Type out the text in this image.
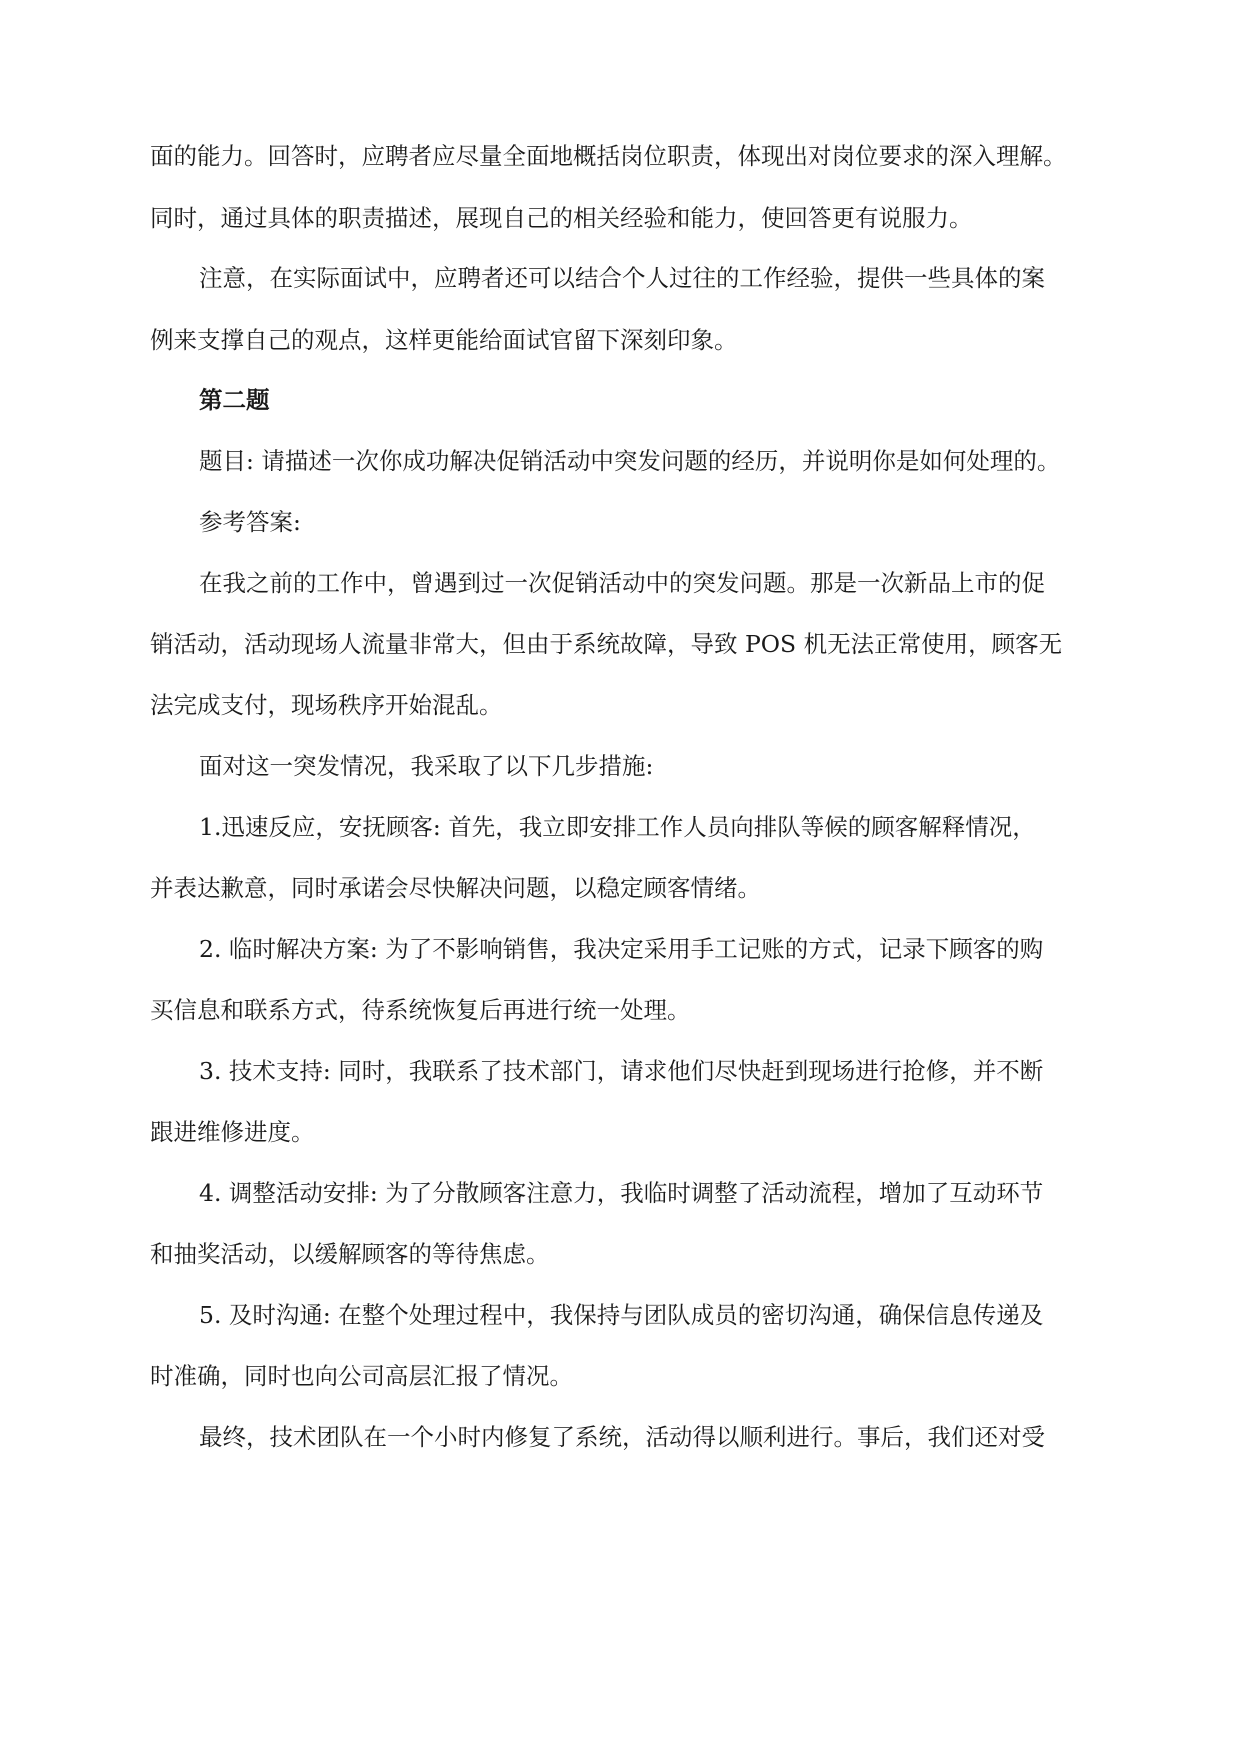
面的能力。回答时，应聘者应尽量全面地概括岗位职责，体现出对岗位要求的深入理解。
同时，通过具体的职责描述，展现自己的相关经验和能力，使回答更有说服力。
注意，在实际面试中，应聘者还可以结合个人过往的工作经验，提供一些具体的案
例来支撑自己的观点，这样更能给面试官留下深刻印象。
第二题
题目: 请描述一次你成功解决促销活动中突发问题的经历，并说明你是如何处理的。
参考答案:
在我之前的工作中，曾遇到过一次促销活动中的突发问题。那是一次新品上市的促
销活动，活动现场人流量非常大，但由于系统故障，导致 POS 机无法正常使用，顾客无
法完成支付，现场秩序开始混乱。
面对这一突发情况，我采取了以下几步措施:
1.迅速反应，安抚顾客: 首先，我立即安排工作人员向排队等候的顾客解释情况，
并表达歉意，同时承诺会尽快解决问题，以稳定顾客情绪。
2. 临时解决方案: 为了不影响销售，我决定采用手工记账的方式，记录下顾客的购
买信息和联系方式，待系统恢复后再进行统一处理。
3. 技术支持: 同时，我联系了技术部门，请求他们尽快赶到现场进行抢修，并不断
跟进维修进度。
4. 调整活动安排: 为了分散顾客注意力，我临时调整了活动流程，增加了互动环节
和抽奖活动，以缓解顾客的等待焦虑。
5. 及时沟通: 在整个处理过程中，我保持与团队成员的密切沟通，确保信息传递及
时准确，同时也向公司高层汇报了情况。
最终，技术团队在一个小时内修复了系统，活动得以顺利进行。事后，我们还对受
